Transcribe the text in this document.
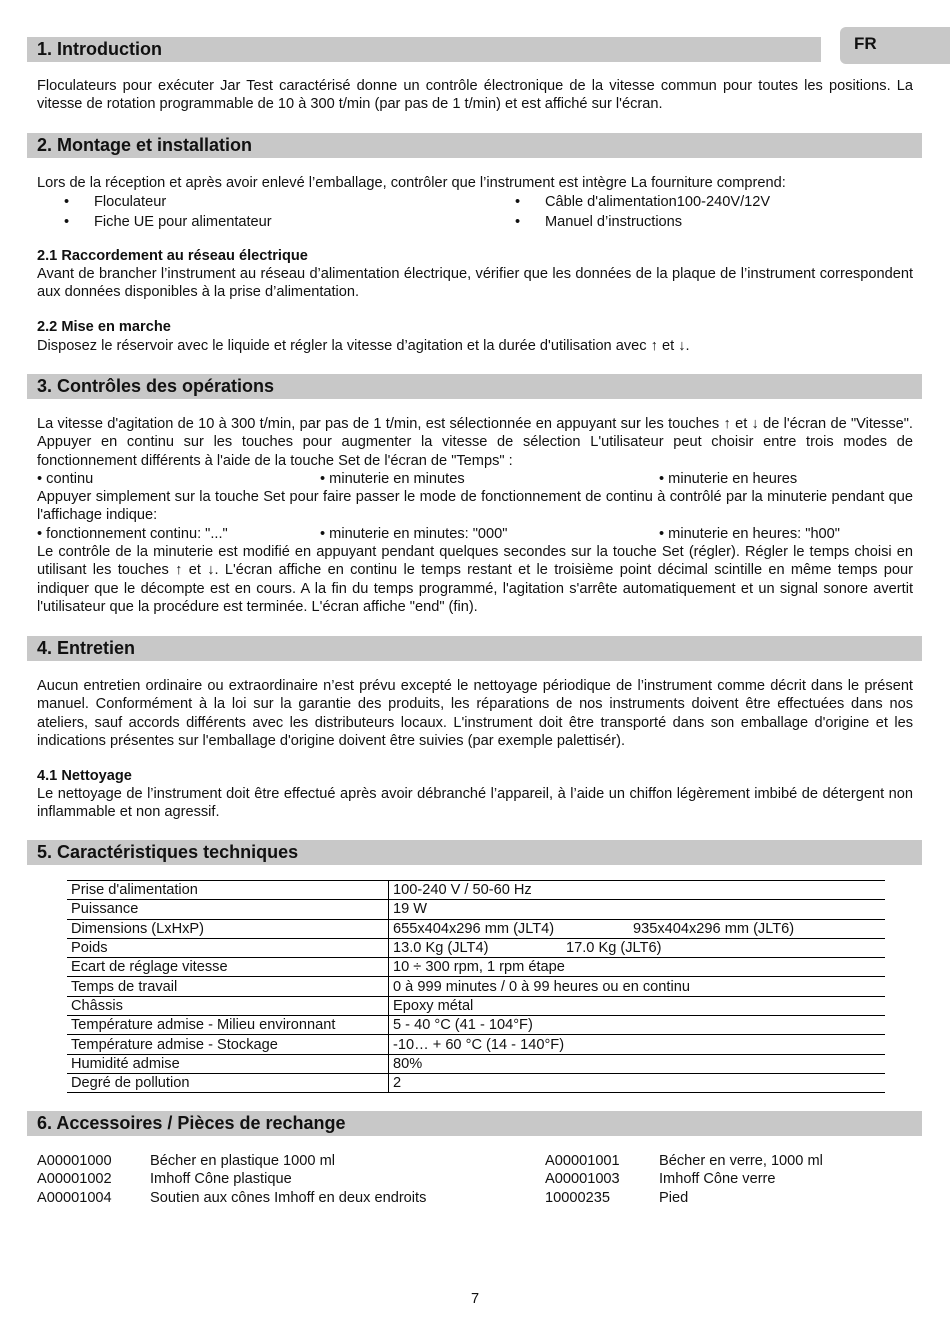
FR
1. Introduction
Floculateurs pour exécuter Jar Test caractérisé donne un contrôle électronique de la vitesse commun pour toutes les positions. La vitesse de rotation programmable de 10 à 300 t/min (par pas de 1 t/min) et est affiché sur l'écran.
2. Montage et installation
Lors de la réception et après avoir enlevé l’emballage, contrôler que l’instrument est intègre La fourniture comprend:
• Floculateur	• Câble d'alimentation100-240V/12V
• Fiche UE pour alimentateur	• Manuel d’instructions
2.1 Raccordement au réseau électrique
Avant de brancher l’instrument au réseau d’alimentation électrique, vérifier que les données de la plaque de l’instrument correspondent aux données disponibles à la prise d’alimentation.
2.2 Mise en marche
Disposez le réservoir avec le liquide et régler la vitesse d’agitation et la durée d'utilisation avec ↑ et ↓.
3. Contrôles des opérations
La vitesse d'agitation de 10 à 300 t/min, par pas de 1 t/min, est sélectionnée en appuyant sur les touches ↑ et ↓ de l'écran de "Vitesse". Appuyer en continu sur les touches pour augmenter la vitesse de sélection L'utilisateur peut choisir entre trois modes de fonctionnement différents à l'aide de la touche Set de l'écran de "Temps" :
• continu	• minuterie en minutes	• minuterie en heures
Appuyer simplement sur la touche Set pour faire passer le mode de fonctionnement de continu à contrôlé par la minuterie pendant que l'affichage indique:
• fonctionnement continu: "..."	• minuterie en minutes: "000"	• minuterie en heures: "h00"
Le contrôle de la minuterie est modifié en appuyant pendant quelques secondes sur la touche Set (régler). Régler le temps choisi en utilisant les touches ↑ et ↓. L'écran affiche en continu le temps restant et le troisième point décimal scintille en même temps pour indiquer que le décompte est en cours. A la fin du temps programmé, l'agitation s'arrête automatiquement et un signal sonore avertit l'utilisateur que la procédure est terminée. L'écran affiche "end" (fin).
4. Entretien
Aucun entretien ordinaire ou extraordinaire n’est prévu excepté le nettoyage périodique de l’instrument comme décrit dans le présent manuel. Conformément à la loi sur la garantie des produits, les réparations de nos instruments doivent être effectuées dans nos ateliers, sauf accords différents avec les distributeurs locaux. L'instrument doit être transporté dans son emballage d'origine et les indications présentes sur l'emballage d'origine doivent être suivies (par exemple palettisér).
4.1 Nettoyage
Le nettoyage de l’instrument doit être effectué après avoir débranché l’appareil, à l’aide un chiffon légèrement imbibé de détergent non inflammable et non agressif.
5. Caractéristiques techniques
Prise d'alimentation	100-240 V / 50-60 Hz
Puissance	19 W
Dimensions (LxHxP)	655x404x296 mm (JLT4) 935x404x296 mm (JLT6)
Poids	13.0 Kg (JLT4) 17.0 Kg (JLT6)
Ecart de réglage vitesse	10 ÷ 300 rpm, 1 rpm étape
Temps de travail	0 à 999 minutes / 0 à 99 heures ou en continu
Châssis	Epoxy métal
Température admise - Milieu environnant	5 - 40 °C (41 - 104°F)
Température admise - Stockage	-10… + 60 °C (14 - 140°F)
Humidité admise	80%
Degré de pollution	2
6. Accessoires / Pièces de rechange
A00001000	Bécher en plastique 1000 ml
A00001002	Imhoff Cône plastique
A00001004	Soutien aux cônes Imhoff en deux endroits
A00001001	Bécher en verre, 1000 ml
A00001003	Imhoff Cône verre
10000235	Pied
7
